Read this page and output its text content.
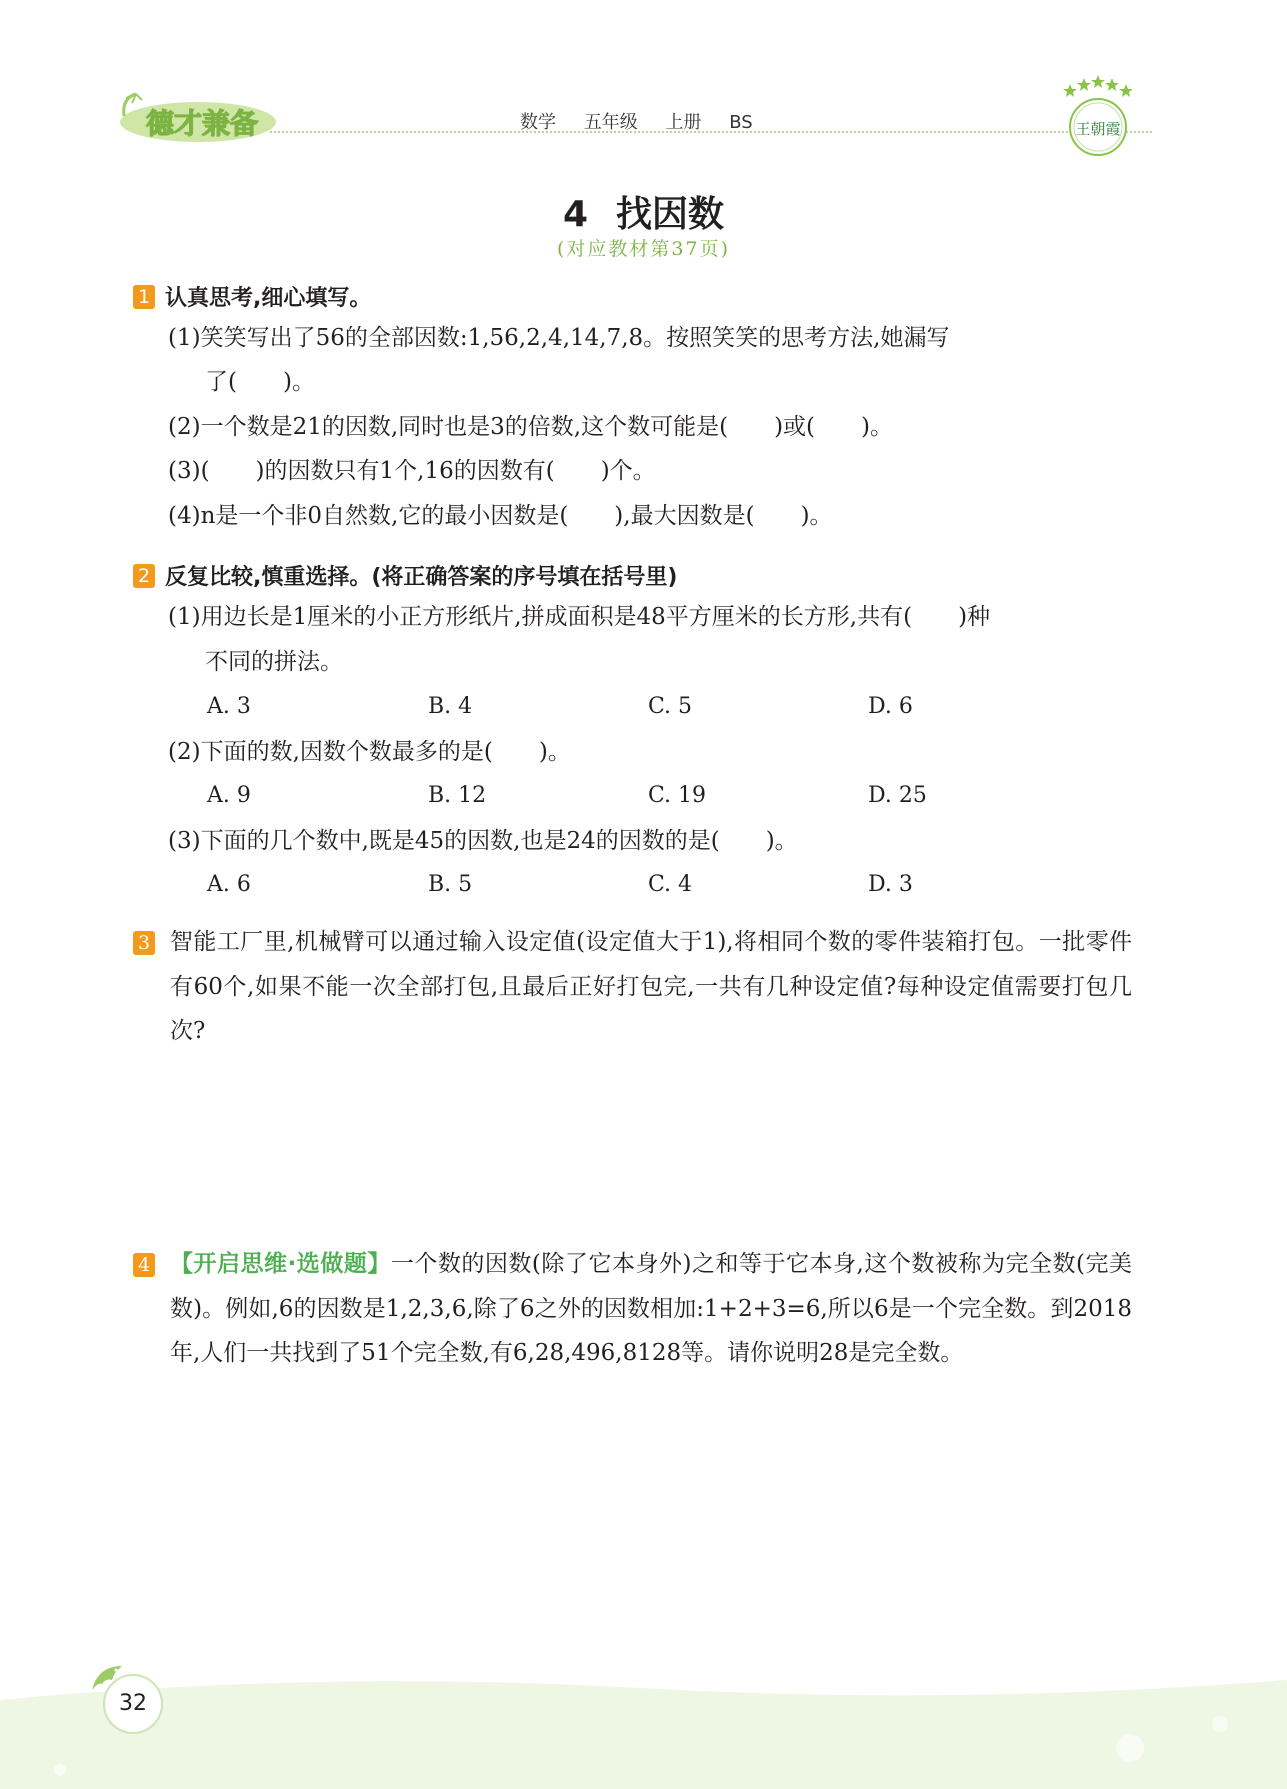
德才兼备	数学 五年级 上册 BS	王朝霞
4 找因数
(对应教材第37页)
1 认真思考,细心填写。
(1)笑笑写出了56的全部因数:1,56,2,4,14,7,8。按照笑笑的思考方法,她漏写
了(　　)。
(2)一个数是21的因数,同时也是3的倍数,这个数可能是(　　)或(　　)。
(3)(　　)的因数只有1个,16的因数有(　　)个。
(4)n是一个非0自然数,它的最小因数是(　　),最大因数是(　　)。
2 反复比较,慎重选择。(将正确答案的序号填在括号里)
(1)用边长是1厘米的小正方形纸片,拼成面积是48平方厘米的长方形,共有(　　)种
不同的拼法。
A. 3	B. 4	C. 5	D. 6
(2)下面的数,因数个数最多的是(　　)。
A. 9	B. 12	C. 19	D. 25
(3)下面的几个数中,既是45的因数,也是24的因数的是(　　)。
A. 6	B. 5	C. 4	D. 3
3 智能工厂里,机械臂可以通过输入设定值(设定值大于1),将相同个数的零件装箱打包。一批零件有60个,如果不能一次全部打包,且最后正好打包完,一共有几种设定值?每种设定值需要打包几次?
4 【开启思维·选做题】一个数的因数(除了它本身外)之和等于它本身,这个数被称为完全数(完美数)。例如,6的因数是1,2,3,6,除了6之外的因数相加:1+2+3=6,所以6是一个完全数。到2018年,人们一共找到了51个完全数,有6,28,496,8128等。请你说明28是完全数。
32
